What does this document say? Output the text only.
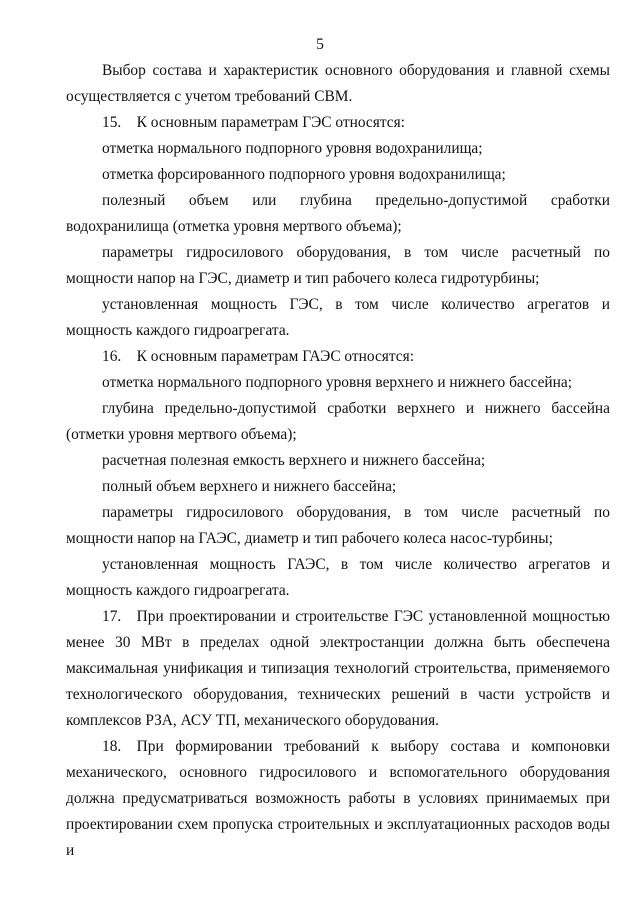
5

Выбор состава и характеристик основного оборудования и главной схемы осуществляется с учетом требований СВМ.

15. К основным параметрам ГЭС относятся:

отметка нормального подпорного уровня водохранилища;

отметка форсированного подпорного уровня водохранилища;

полезный объем или глубина предельно-допустимой сработки водохранилища (отметка уровня мертвого объема);

параметры гидросилового оборудования, в том числе расчетный по мощности напор на ГЭС, диаметр и тип рабочего колеса гидротурбины;

установленная мощность ГЭС, в том числе количество агрегатов и мощность каждого гидроагрегата.

16. К основным параметрам ГАЭС относятся:

отметка нормального подпорного уровня верхнего и нижнего бассейна;

глубина предельно-допустимой сработки верхнего и нижнего бассейна (отметки уровня мертвого объема);

расчетная полезная емкость верхнего и нижнего бассейна;

полный объем верхнего и нижнего бассейна;

параметры гидросилового оборудования, в том числе расчетный по мощности напор на ГАЭС, диаметр и тип рабочего колеса насос-турбины;

установленная мощность ГАЭС, в том числе количество агрегатов и мощность каждого гидроагрегата.

17. При проектировании и строительстве ГЭС установленной мощностью менее 30 МВт в пределах одной электростанции должна быть обеспечена максимальная унификация и типизация технологий строительства, применяемого технологического оборудования, технических решений в части устройств и комплексов РЗА, АСУ ТП, механического оборудования.

18. При формировании требований к выбору состава и компоновки механического, основного гидросилового и вспомогательного оборудования должна предусматриваться возможность работы в условиях принимаемых при проектировании схем пропуска строительных и эксплуатационных расходов воды и
